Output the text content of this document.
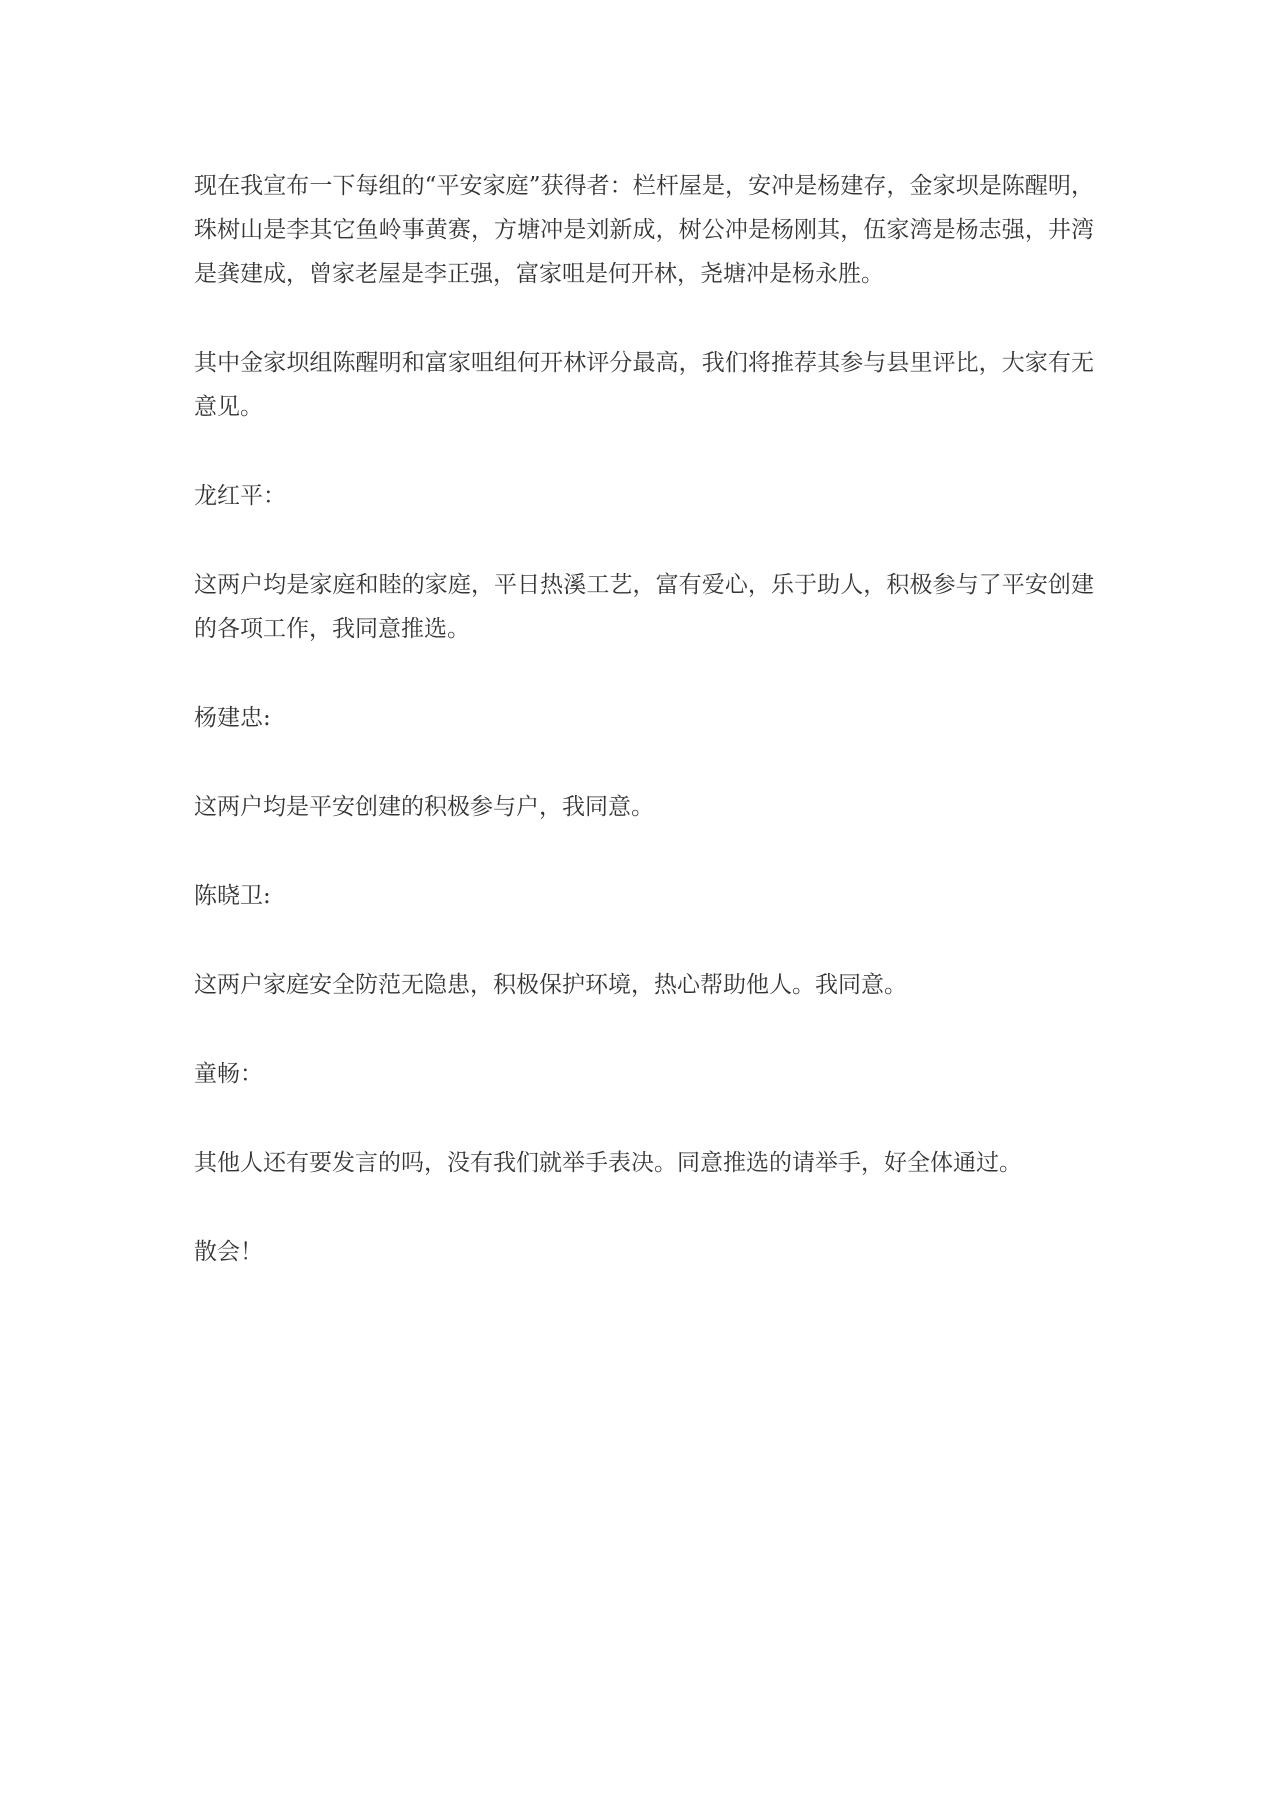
现在我宣布一下每组的“平安家庭”获得者：栏杆屋是，安冲是杨建存，金家坝是陈醒明，珠树山是李其它鱼岭事黄赛，方塘冲是刘新成，树公冲是杨刚其，伍家湾是杨志强，井湾是龚建成，曾家老屋是李正强，富家咀是何开林，尧塘冲是杨永胜。

其中金家坝组陈醒明和富家咀组何开林评分最高，我们将推荐其参与县里评比，大家有无意见。

龙红平：

这两户均是家庭和睦的家庭，平日热溪工艺，富有爱心，乐于助人，积极参与了平安创建的各项工作，我同意推选。

杨建忠:

这两户均是平安创建的积极参与户，我同意。

陈晓卫:

这两户家庭安全防范无隐患，积极保护环境，热心帮助他人。我同意。

童畅：

其他人还有要发言的吗，没有我们就举手表决。同意推选的请举手，好全体通过。

散会！
